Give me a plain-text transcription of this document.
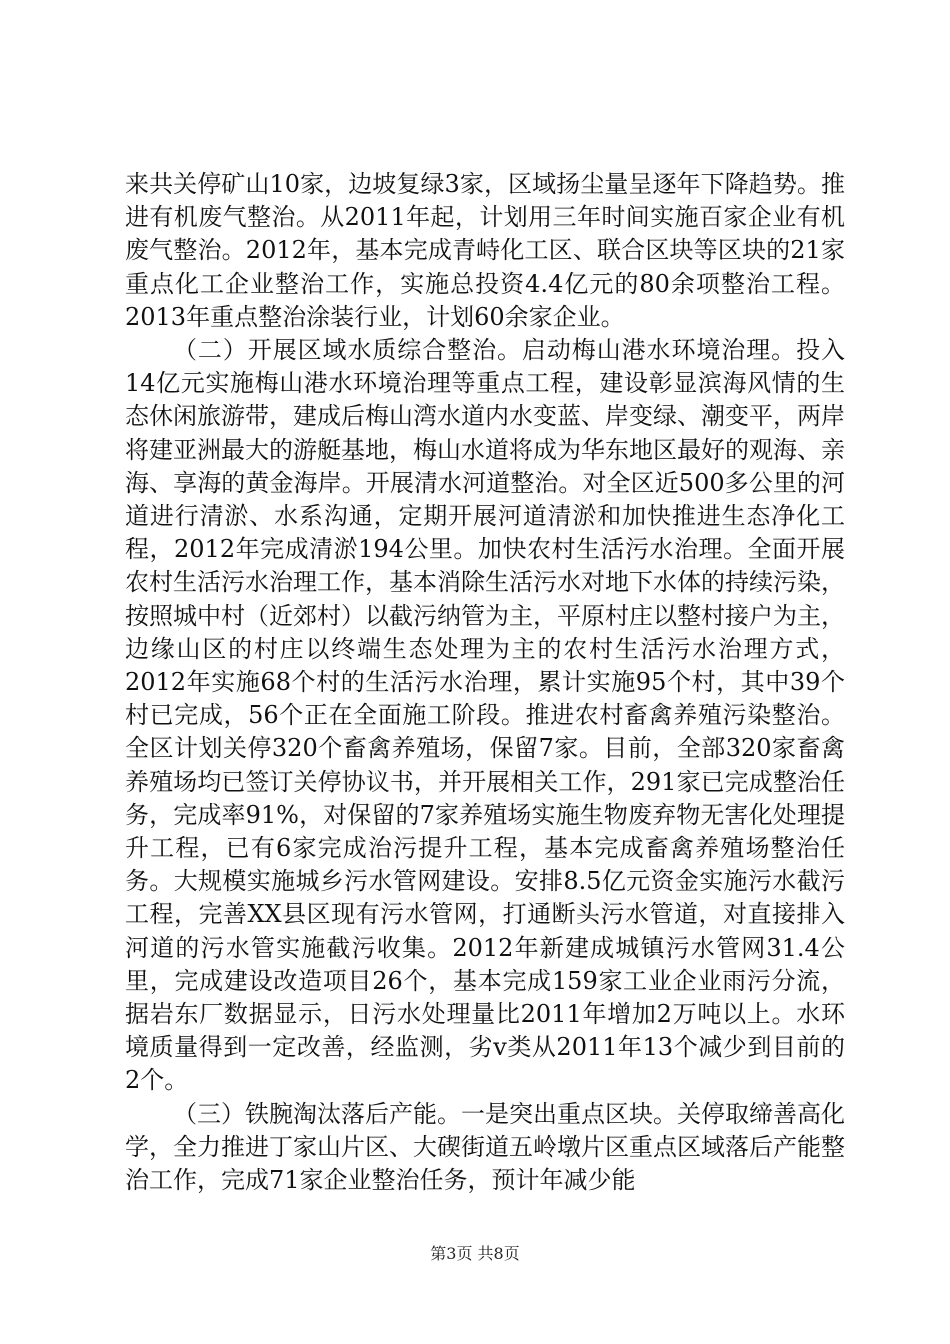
来共关停矿山10家，边坡复绿3家，区域扬尘量呈逐年下降趋势。推进有机废气整治。从2011年起，计划用三年时间实施百家企业有机废气整治。2012年，基本完成青峙化工区、联合区块等区块的21家重点化工企业整治工作，实施总投资4.4亿元的80余项整治工程。2013年重点整治涂装行业，计划60余家企业。

（二）开展区域水质综合整治。启动梅山港水环境治理。投入14亿元实施梅山港水环境治理等重点工程，建设彰显滨海风情的生态休闲旅游带，建成后梅山湾水道内水变蓝、岸变绿、潮变平，两岸将建亚洲最大的游艇基地，梅山水道将成为华东地区最好的观海、亲海、享海的黄金海岸。开展清水河道整治。对全区近500多公里的河道进行清淤、水系沟通，定期开展河道清淤和加快推进生态净化工程，2012年完成清淤194公里。加快农村生活污水治理。全面开展农村生活污水治理工作，基本消除生活污水对地下水体的持续污染，按照城中村（近郊村）以截污纳管为主，平原村庄以整村接户为主，边缘山区的村庄以终端生态处理为主的农村生活污水治理方式，2012年实施68个村的生活污水治理，累计实施95个村，其中39个村已完成，56个正在全面施工阶段。推进农村畜禽养殖污染整治。全区计划关停320个畜禽养殖场，保留7家。目前，全部320家畜禽养殖场均已签订关停协议书，并开展相关工作，291家已完成整治任务，完成率91%，对保留的7家养殖场实施生物废弃物无害化处理提升工程，已有6家完成治污提升工程，基本完成畜禽养殖场整治任务。大规模实施城乡污水管网建设。安排8.5亿元资金实施污水截污工程，完善XX县区现有污水管网，打通断头污水管道，对直接排入河道的污水管实施截污收集。2012年新建成城镇污水管网31.4公里，完成建设改造项目26个，基本完成159家工业企业雨污分流，据岩东厂数据显示，日污水处理量比2011年增加2万吨以上。水环境质量得到一定改善，经监测，劣v类从2011年13个减少到目前的2个。

（三）铁腕淘汰落后产能。一是突出重点区块。关停取缔善高化学，全力推进丁家山片区、大碶街道五岭墩片区重点区域落后产能整治工作，完成71家企业整治任务，预计年减少能

第3页 共8页
